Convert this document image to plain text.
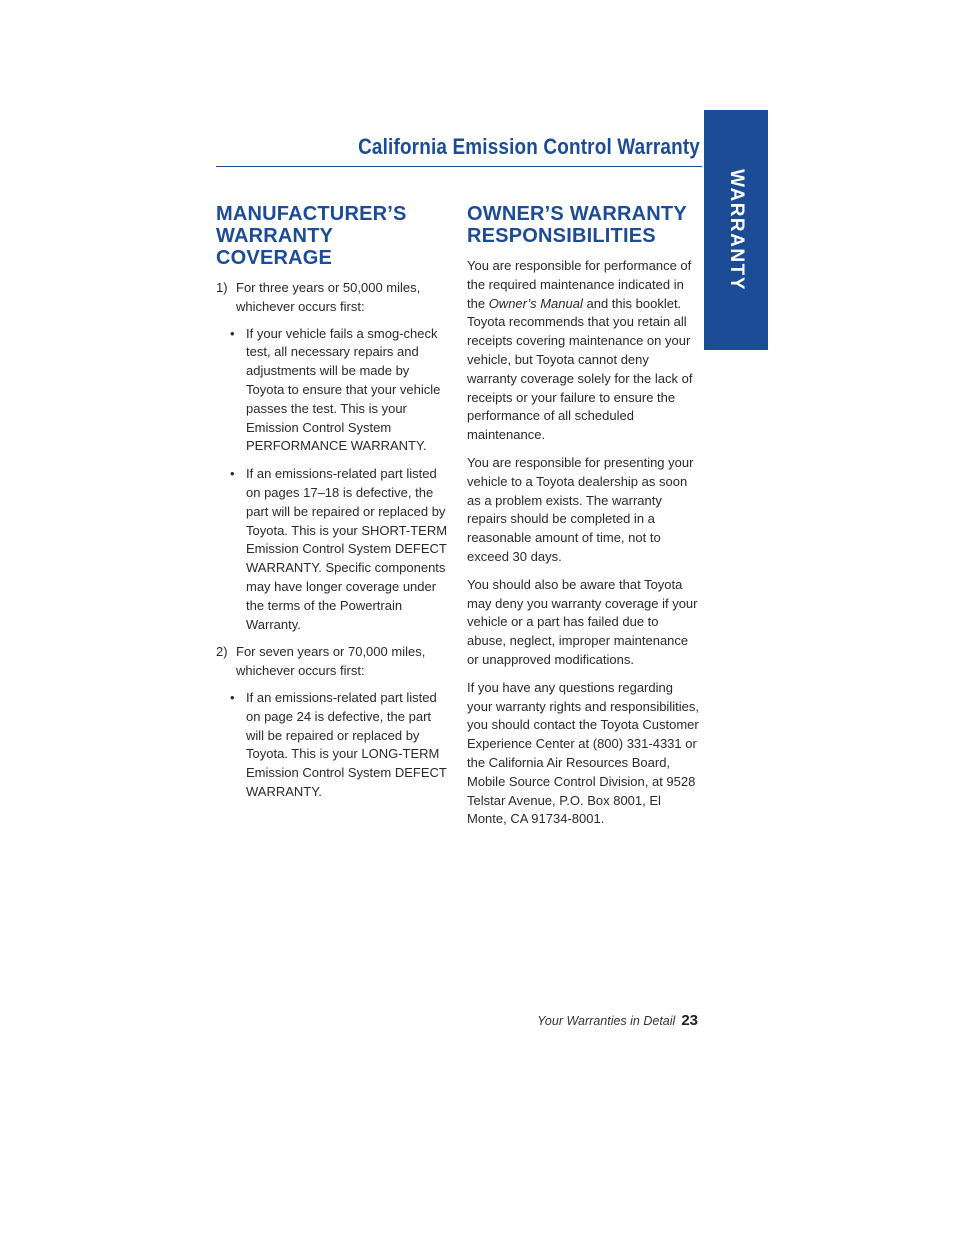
California Emission Control Warranty
WARRANTY
MANUFACTURER’S
WARRANTY COVERAGE
1) For three years or 50,000 miles, whichever occurs first:
• If your vehicle fails a smog-check test, all necessary repairs and adjustments will be made by Toyota to ensure that your vehicle passes the test. This is your Emission Control System PERFORMANCE WARRANTY.
• If an emissions-related part listed on pages 17–18 is defective, the part will be repaired or replaced by Toyota. This is your SHORT-TERM Emission Control System DEFECT WARRANTY. Specific components may have longer coverage under the terms of the Powertrain Warranty.
2) For seven years or 70,000 miles, whichever occurs first:
• If an emissions-related part listed on page 24 is defective, the part will be repaired or replaced by Toyota. This is your LONG-TERM Emission Control System DEFECT WARRANTY.
OWNER’S WARRANTY
RESPONSIBILITIES

You are responsible for performance of the required maintenance indicated in the Owner’s Manual and this booklet. Toyota recommends that you retain all receipts covering maintenance on your vehicle, but Toyota cannot deny warranty coverage solely for the lack of receipts or your failure to ensure the performance of all scheduled maintenance.

You are responsible for presenting your vehicle to a Toyota dealership as soon as a problem exists. The warranty repairs should be completed in a reasonable amount of time, not to exceed 30 days.

You should also be aware that Toyota may deny you warranty coverage if your vehicle or a part has failed due to abuse, neglect, improper maintenance or unapproved modifications.

If you have any questions regarding your warranty rights and responsibilities, you should contact the Toyota Customer Experience Center at (800) 331-4331 or the California Air Resources Board, Mobile Source Control Division, at 9528 Telstar Avenue, P.O. Box 8001, El Monte, CA 91734-8001.

Your Warranties in Detail 23
